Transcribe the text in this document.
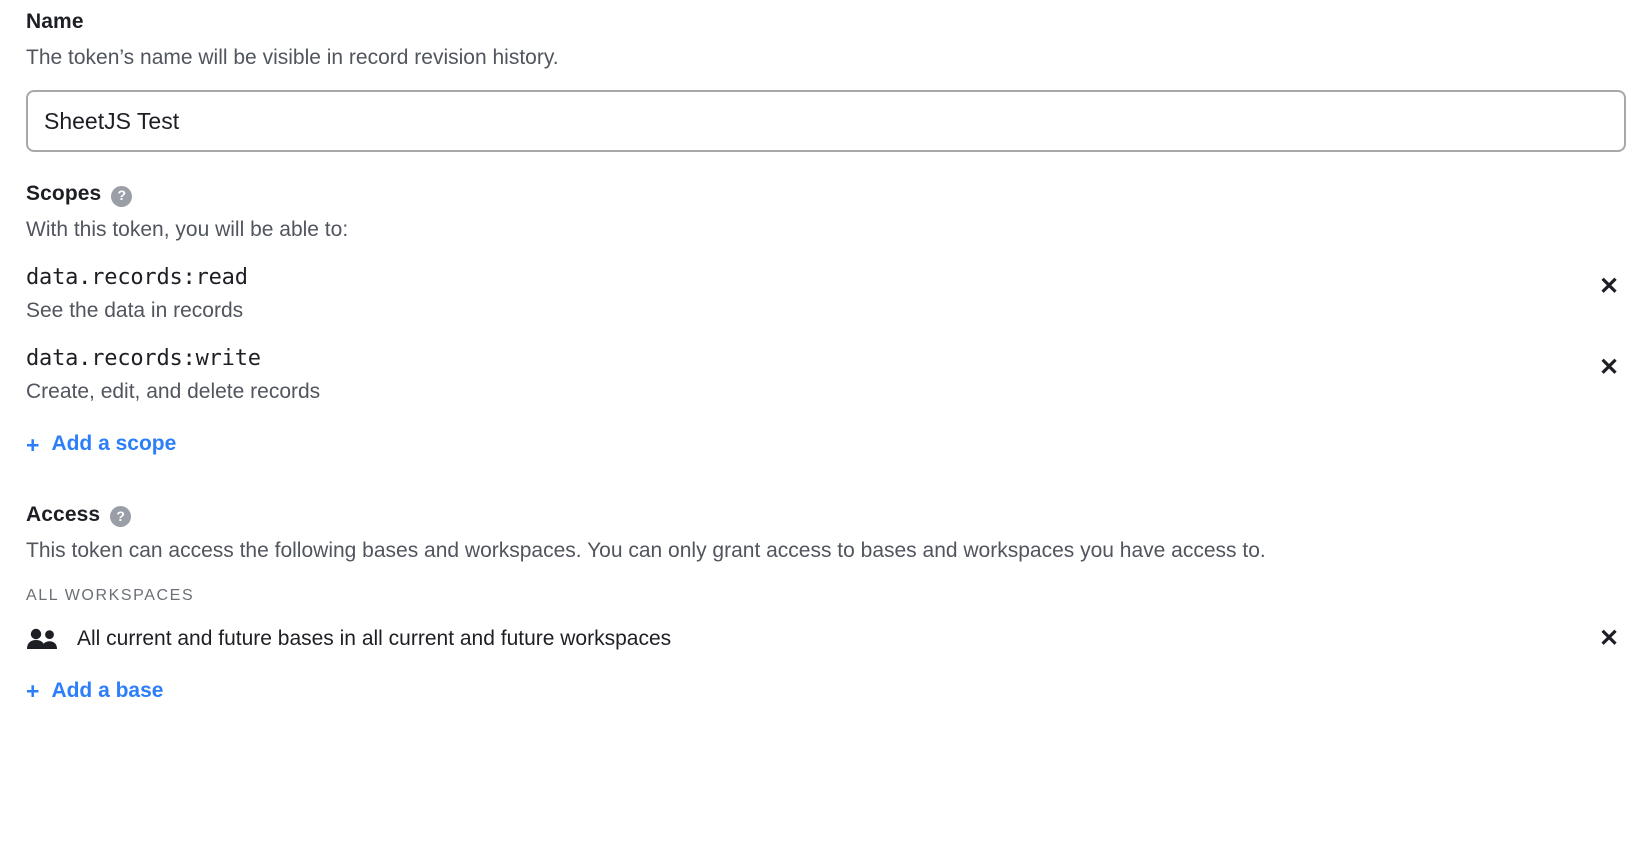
Name
The token’s name will be visible in record revision history.
SheetJS Test
Scopes ?
With this token, you will be able to:
data.records:read
See the data in records
✕
data.records:write
Create, edit, and delete records
✕
+ Add a scope
Access ?
This token can access the following bases and workspaces. You can only grant access to bases and workspaces you have access to.
ALL WORKSPACES
All current and future bases in all current and future workspaces	✕
+ Add a base
